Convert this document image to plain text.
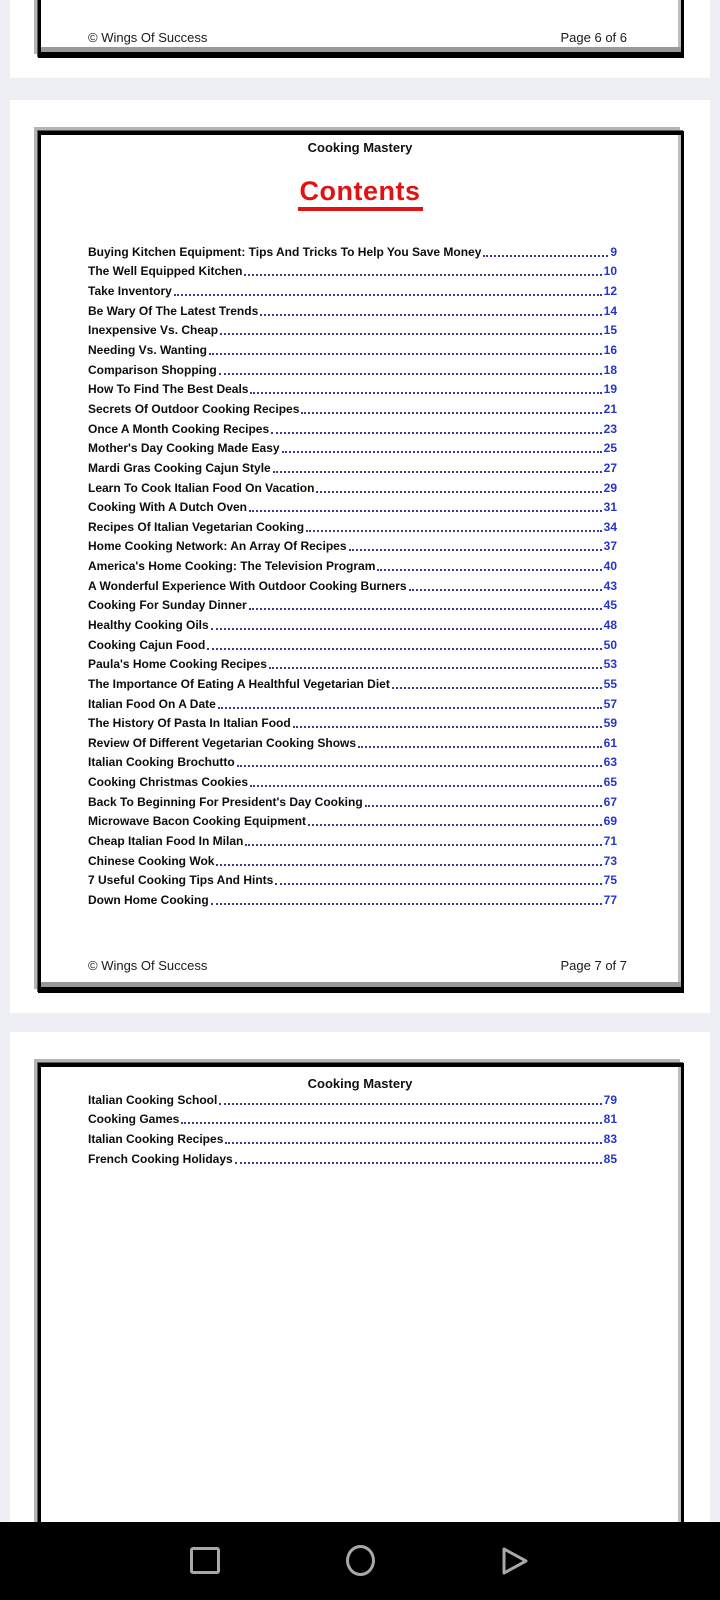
© Wings Of Success	Page 6 of 6
Cooking Mastery
Contents
Buying Kitchen Equipment: Tips And Tricks To Help You Save Money	9
The Well Equipped Kitchen	10
Take Inventory	12
Be Wary Of The Latest Trends	14
Inexpensive Vs. Cheap	15
Needing Vs. Wanting	16
Comparison Shopping	18
How To Find The Best Deals	19
Secrets Of Outdoor Cooking Recipes	21
Once A Month Cooking Recipes	23
Mother's Day Cooking Made Easy	25
Mardi Gras Cooking Cajun Style	27
Learn To Cook Italian Food On Vacation	29
Cooking With A Dutch Oven	31
Recipes Of Italian Vegetarian Cooking	34
Home Cooking Network: An Array Of Recipes	37
America's Home Cooking: The Television Program	40
A Wonderful Experience With Outdoor Cooking Burners	43
Cooking For Sunday Dinner	45
Healthy Cooking Oils	48
Cooking Cajun Food	50
Paula's Home Cooking Recipes	53
The Importance Of Eating A Healthful Vegetarian Diet	55
Italian Food On A Date	57
The History Of Pasta In Italian Food	59
Review Of Different Vegetarian Cooking Shows	61
Italian Cooking Brochutto	63
Cooking Christmas Cookies	65
Back To Beginning For President's Day Cooking	67
Microwave Bacon Cooking Equipment	69
Cheap Italian Food In Milan	71
Chinese Cooking Wok	73
7 Useful Cooking Tips And Hints	75
Down Home Cooking	77
© Wings Of Success	Page 7 of 7
Cooking Mastery
Italian Cooking School	79
Cooking Games	81
Italian Cooking Recipes	83
French Cooking Holidays	85
